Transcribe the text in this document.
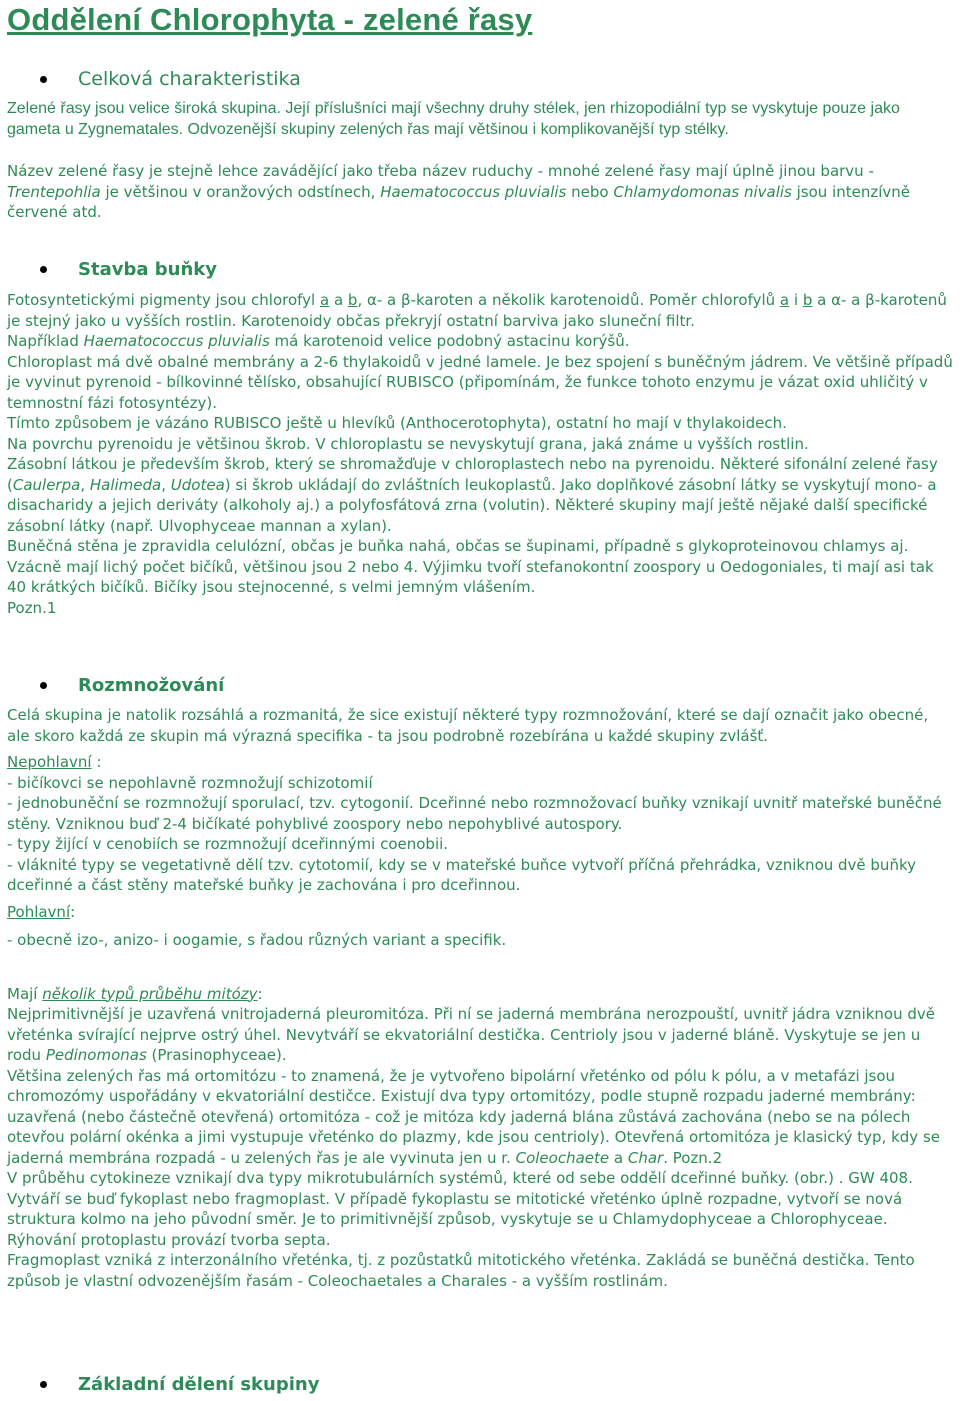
Oddělení Chlorophyta - zelené řasy
Celková charakteristika

Zelené řasy jsou velice široká skupina. Její příslušníci mají všechny druhy stélek, jen rhizopodiální typ se vyskytuje pouze jako gameta u Zygnematales. Odvozenější skupiny zelených řas mají většinou i komplikovanější typ stélky.

Název zelené řasy je stejně lehce zavádějící jako třeba název ruduchy - mnohé zelené řasy mají úplně jinou barvu - Trentepohlia je většinou v oranžových odstínech, Haematococcus pluvialis nebo Chlamydomonas nivalis jsou intenzívně červené atd.

Stavba buňky
Fotosyntetickými pigmenty jsou chlorofyl a a b, α- a β-karoten a několik karotenoidů. Poměr chlorofylů a i b a α- a β-karotenů je stejný jako u vyšších rostlin. Karotenoidy občas překryjí ostatní barviva jako sluneční filtr.
Například Haematococcus pluvialis má karotenoid velice podobný astacinu korýšů.
Chloroplast má dvě obalné membrány a 2-6 thylakoidů v jedné lamele. Je bez spojení s buněčným jádrem. Ve většině případů je vyvinut pyrenoid - bílkovinné tělísko, obsahující RUBISCO (připomínám, že funkce tohoto enzymu je vázat oxid uhličitý v temnostní fázi fotosyntézy).
Tímto způsobem je vázáno RUBISCO ještě u hlevíků (Anthocerotophyta), ostatní ho mají v thylakoidech.
Na povrchu pyrenoidu je většinou škrob. V chloroplastu se nevyskytují grana, jaká známe u vyšších rostlin.
Zásobní látkou je především škrob, který se shromažďuje v chloroplastech nebo na pyrenoidu. Některé sifonální zelené řasy (Caulerpa, Halimeda, Udotea) si škrob ukládají do zvláštních leukoplastů. Jako doplňkové zásobní látky se vyskytují mono- a disacharidy a jejich deriváty (alkoholy aj.) a polyfosfátová zrna (volutin). Některé skupiny mají ještě nějaké další specifické zásobní látky (např. Ulvophyceae mannan a xylan).
Buněčná stěna je zpravidla celulózní, občas je buňka nahá, občas se šupinami, případně s glykoproteinovou chlamys aj.
Vzácně mají lichý počet bičíků, většinou jsou 2 nebo 4. Výjimku tvoří stefanokontní zoospory u Oedogoniales, ti mají asi tak 40 krátkých bičíků. Bičíky jsou stejnocenné, s velmi jemným vlášením.
Pozn.1
Rozmnožování
Celá skupina je natolik rozsáhlá a rozmanitá, že sice existují některé typy rozmnožování, které se dají označit jako obecné, ale skoro každá ze skupin má výrazná specifika - ta jsou podrobně rozebírána u každé skupiny zvlášť.
Nepohlavní :
- bičíkovci se nepohlavně rozmnožují schizotomií
- jednobuněční se rozmnožují sporulací, tzv. cytogonií. Dceřinné nebo rozmnožovací buňky vznikají uvnitř mateřské buněčné stěny. Vzniknou buď 2-4 bičíkaté pohyblivé zoospory nebo nepohyblivé autospory.
- typy žijící v cenobiích se rozmnožují dceřinnými coenobii.
- vláknité typy se vegetativně dělí tzv. cytotomií, kdy se v mateřské buňce vytvoří příčná přehrádka, vzniknou dvě buňky dceřinné a část stěny mateřské buňky je zachována i pro dceřinnou.
Pohlavní:
- obecně izo-, anizo- i oogamie, s řadou různých variant a specifik.
Mají několik typů průběhu mitózy:
Nejprimitivnější je uzavřená vnitrojaderná pleuromitóza. Při ní se jaderná membrána nerozpouští, uvnitř jádra vzniknou dvě vřeténka svírající nejprve ostrý úhel. Nevytváří se ekvatoriální destička. Centrioly jsou v jaderné bláně. Vyskytuje se jen u rodu Pedinomonas (Prasinophyceae).
Většina zelených řas má ortomitózu - to znamená, že je vytvořeno bipolární vřeténko od pólu k pólu, a v metafázi jsou chromozómy uspořádány v ekvatoriální destičce. Existují dva typy ortomitózy, podle stupně rozpadu jaderné membrány: uzavřená (nebo částečně otevřená) ortomitóza - což je mitóza kdy jaderná blána zůstává zachována (nebo se na pólech otevřou polární okénka a jimi vystupuje vřeténko do plazmy, kde jsou centrioly). Otevřená ortomitóza je klasický typ, kdy se jaderná membrána rozpadá - u zelených řas je ale vyvinuta jen u r. Coleochaete a Char. Pozn.2
V průběhu cytokineze vznikají dva typy mikrotubulárních systémů, které od sebe oddělí dceřinné buňky. (obr.) . GW 408. Vytváří se buď fykoplast nebo fragmoplast. V případě fykoplastu se mitotické vřeténko úplně rozpadne, vytvoří se nová struktura kolmo na jeho původní směr. Je to primitivnější způsob, vyskytuje se u Chlamydophyceae a Chlorophyceae. Rýhování protoplastu provází tvorba septa.
Fragmoplast vzniká z interzonálního vřeténka, tj. z pozůstatků mitotického vřeténka. Zakládá se buněčná destička. Tento způsob je vlastní odvozenějším řasám - Coleochaetales a Charales - a vyšším rostlinám.
Základní dělení skupiny
